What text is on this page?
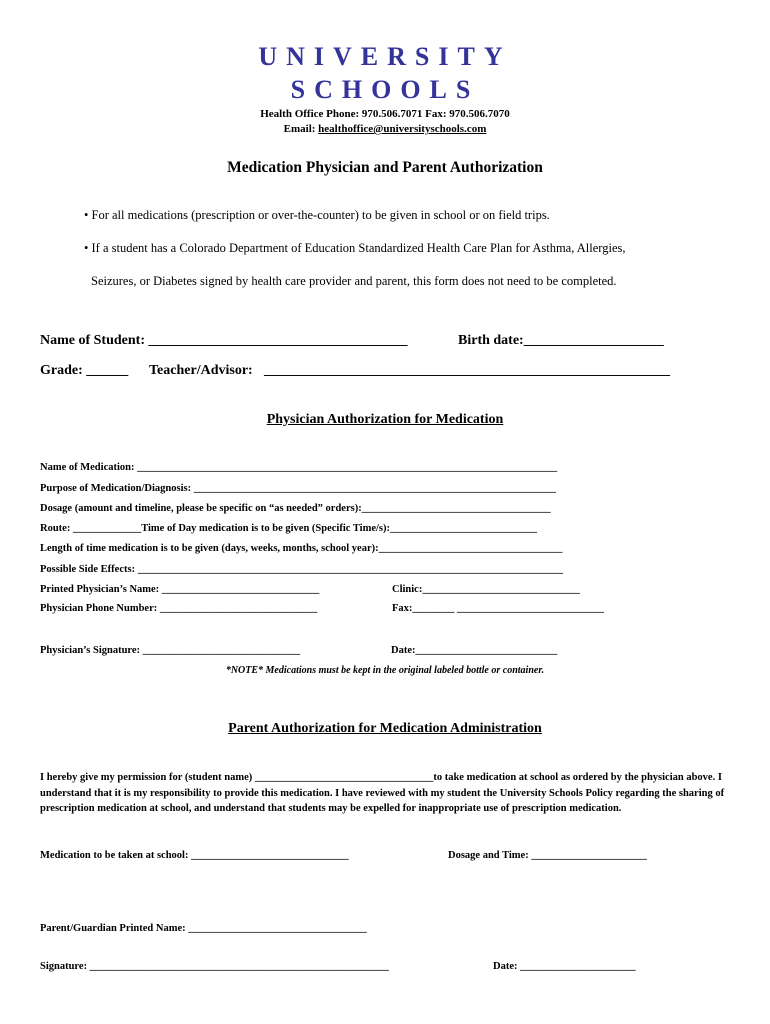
UNIVERSITY
SCHOOLS
Health Office Phone: 970.506.7071 Fax: 970.506.7070
Email: healthoffice@universityschools.com
Medication Physician and Parent Authorization
• For all medications (prescription or over-the-counter) to be given in school or on field trips.
• If a student has a Colorado Department of Education Standardized Health Care Plan for Asthma, Allergies,
Seizures, or Diabetes signed by health care provider and parent, this form does not need to be completed.
Name of Student: _____________________________________	Birth date:____________________
Grade: ______ Teacher/Advisor: __________________________________________________________
Physician Authorization for Medication
Name of Medication: ________________________________________________________________________________
Purpose of Medication/Diagnosis: _____________________________________________________________________
Dosage (amount and timeline, please be specific on “as needed” orders):____________________________________
Route: _____________Time of Day medication is to be given (Specific Time/s):____________________________
Length of time medication is to be given (days, weeks, months, school year):___________________________________
Possible Side Effects: _________________________________________________________________________________
Printed Physician’s Name: ______________________________	Clinic:______________________________
Physician Phone Number: ______________________________	Fax:________ ____________________________
Physician’s Signature: ______________________________	Date:___________________________
*NOTE* Medications must be kept in the original labeled bottle or container.
Parent Authorization for Medication Administration
I hereby give my permission for (student name) __________________________________to take medication at school as ordered by the physician above. I understand that it is my responsibility to provide this medication. I have reviewed with my student the University Schools Policy regarding the sharing of prescription medication at school, and understand that students may be expelled for inappropriate use of prescription medication.
Medication to be taken at school: ______________________________	Dosage and Time: ______________________
Parent/Guardian Printed Name: __________________________________
Signature: _________________________________________________________	Date: ______________________
